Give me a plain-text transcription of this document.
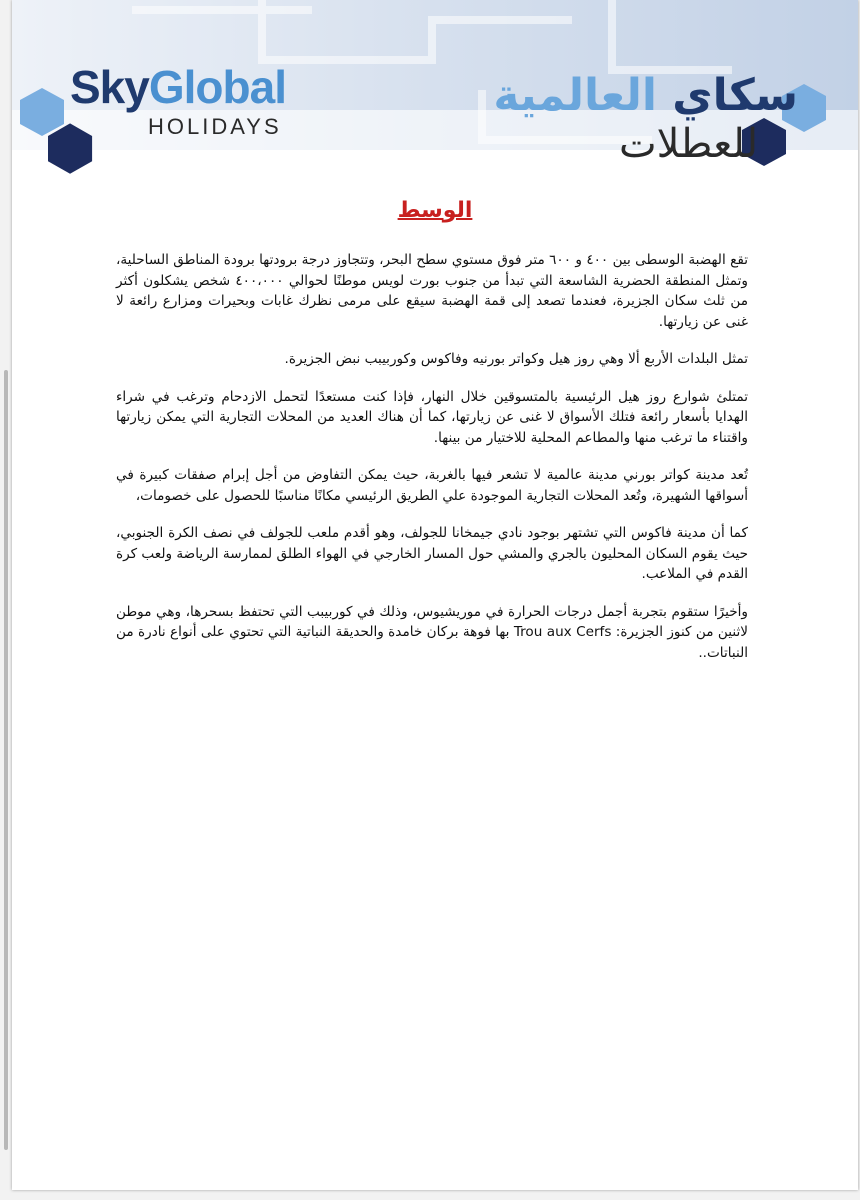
SkyGlobal
HOLIDAYS
سكاي العالمية
للعطلات
الوسط

تقع الهضبة الوسطى بين ٤٠٠ و ٦٠٠ متر فوق مستوي سطح البحر، وتتجاوز درجة برودتها برودة المناطق الساحلية، وتمثل المنطقة الحضرية الشاسعة التي تبدأ من جنوب بورت لويس موطنًا لحوالي ٤٠٠،٠٠٠ شخص يشكلون أكثر من ثلث سكان الجزيرة، فعندما تصعد إلى قمة الهضبة سيقع على مرمى نظرك غابات وبحيرات ومزارع رائعة لا غنى عن زيارتها.

تمثل البلدات الأربع ألا وهي روز هيل وكواتر بورنيه وفاكوس وكوربيبب نبض الجزيرة.

تمتلئ شوارع روز هيل الرئيسية بالمتسوقين خلال النهار، فإذا كنت مستعدًا لتحمل الازدحام وترغب في شراء الهدايا بأسعار رائعة فتلك الأسواق لا غنى عن زيارتها، كما أن هناك العديد من المحلات التجارية التي يمكن زيارتها واقتناء ما ترغب منها والمطاعم المحلية للاختيار من بينها.

تُعد مدينة كواتر بورني مدينة عالمية لا تشعر فيها بالغربة، حيث يمكن التفاوض من أجل إبرام صفقات كبيرة في أسواقها الشهيرة، وتُعد المحلات التجارية الموجودة علي الطريق الرئيسي مكانًا مناسبًا للحصول على خصومات،

كما أن مدينة فاكوس التي تشتهر بوجود نادي جيمخانا للجولف، وهو أقدم ملعب للجولف في نصف الكرة الجنوبي، حيث يقوم السكان المحليون بالجري والمشي حول المسار الخارجي في الهواء الطلق لممارسة الرياضة ولعب كرة القدم في الملاعب.

وأخيرًا ستقوم بتجربة أجمل درجات الحرارة في موريشيوس، وذلك في كوربيبب التي تحتفظ بسحرها، وهي موطن لاثنين من كنوز الجزيرة: Trou aux Cerfs بها فوهة بركان خامدة والحديقة النباتية التي تحتوي على أنواع نادرة من النباتات..
